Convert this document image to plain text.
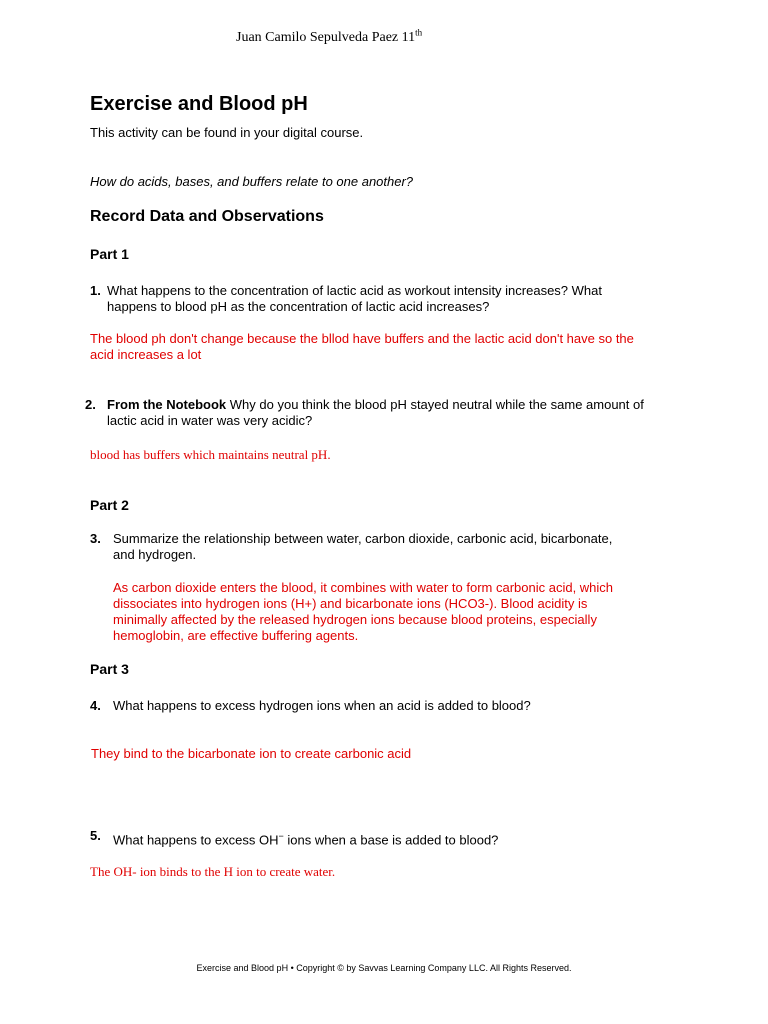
Juan Camilo Sepulveda Paez 11th
Exercise and Blood pH
This activity can be found in your digital course.
How do acids, bases, and buffers relate to one another?
Record Data and Observations
Part 1
1. What happens to the concentration of lactic acid as workout intensity increases? What
happens to blood pH as the concentration of lactic acid increases?
The blood ph don't change because the bllod have buffers and the lactic acid don't have so the
acid increases a lot
2. From the Notebook Why do you think the blood pH stayed neutral while the same amount of
lactic acid in water was very acidic?
blood has buffers which maintains neutral pH.
Part 2
3. Summarize the relationship between water, carbon dioxide, carbonic acid, bicarbonate,
and hydrogen.
As carbon dioxide enters the blood, it combines with water to form carbonic acid, which
dissociates into hydrogen ions (H+) and bicarbonate ions (HCO3-). Blood acidity is
minimally affected by the released hydrogen ions because blood proteins, especially
hemoglobin, are effective buffering agents.
Part 3
4. What happens to excess hydrogen ions when an acid is added to blood?
They bind to the bicarbonate ion to create carbonic acid
5. What happens to excess OH− ions when a base is added to blood?
The OH- ion binds to the H ion to create water.
Exercise and Blood pH • Copyright © by Savvas Learning Company LLC. All Rights Reserved.
